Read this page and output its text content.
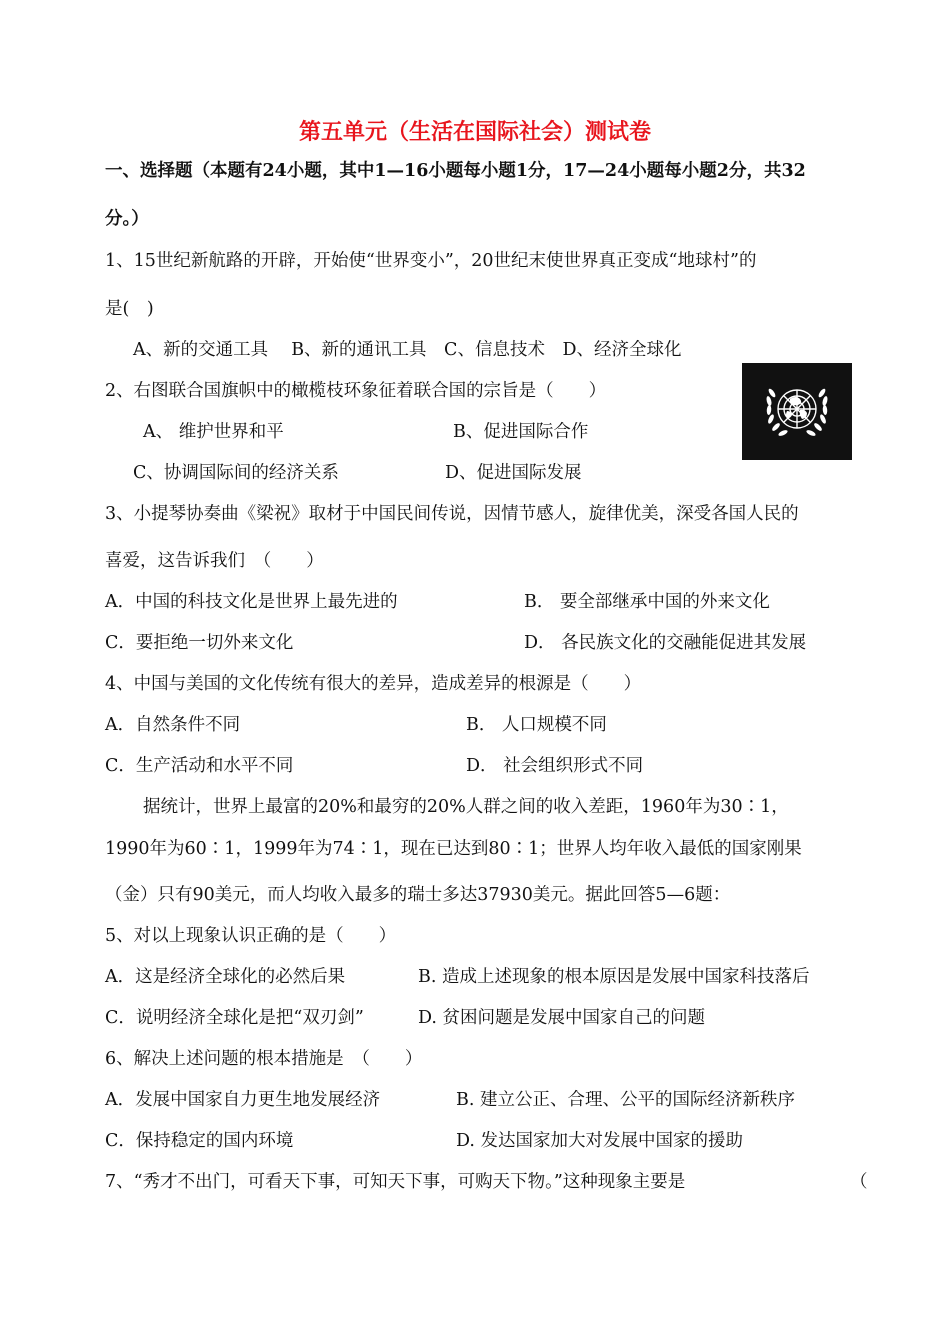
第五单元（生活在国际社会）测试卷
一、选择题（本题有24小题，其中1—16小题每小题1分，17—24小题每小题2分，共32
分。）
1、15世纪新航路的开辟，开始使“世界变小”，20世纪末使世界真正变成“地球村”的
是(　)
A、新的交通工具　 B、新的通讯工具　C、信息技术　D、经济全球化
2、右图联合国旗帜中的橄榄枝环象征着联合国的宗旨是（　　）
A、 维护世界和平	B、促进国际合作
C、协调国际间的经济关系	D、促进国际发展
3、小提琴协奏曲《梁祝》取材于中国民间传说，因情节感人，旋律优美，深受各国人民的
喜爱，这告诉我们　（　　）
A．中国的科技文化是世界上最先进的	B． 要全部继承中国的外来文化
C．要拒绝一切外来文化	D． 各民族文化的交融能促进其发展
4、中国与美国的文化传统有很大的差异，造成差异的根源是（　　）
A．自然条件不同	B． 人口规模不同
C．生产活动和水平不同	D． 社会组织形式不同
据统计，世界上最富的20%和最穷的20%人群之间的收入差距，1960年为30∶1，
1990年为60∶1，1999年为74∶1，现在已达到80∶1；世界人均年收入最低的国家刚果
（金）只有90美元，而人均收入最多的瑞士多达37930美元。据此回答5—6题：
5、对以上现象认识正确的是（　　）
A．这是经济全球化的必然后果	B. 造成上述现象的根本原因是发展中国家科技落后
C．说明经济全球化是把“双刃剑”	D. 贫困问题是发展中国家自己的问题
6、解决上述问题的根本措施是　（　　）
A．发展中国家自力更生地发展经济	B. 建立公正、合理、公平的国际经济新秩序
C．保持稳定的国内环境	D. 发达国家加大对发展中国家的援助
7、“秀才不出门，可看天下事，可知天下事，可购天下物。”这种现象主要是	（
